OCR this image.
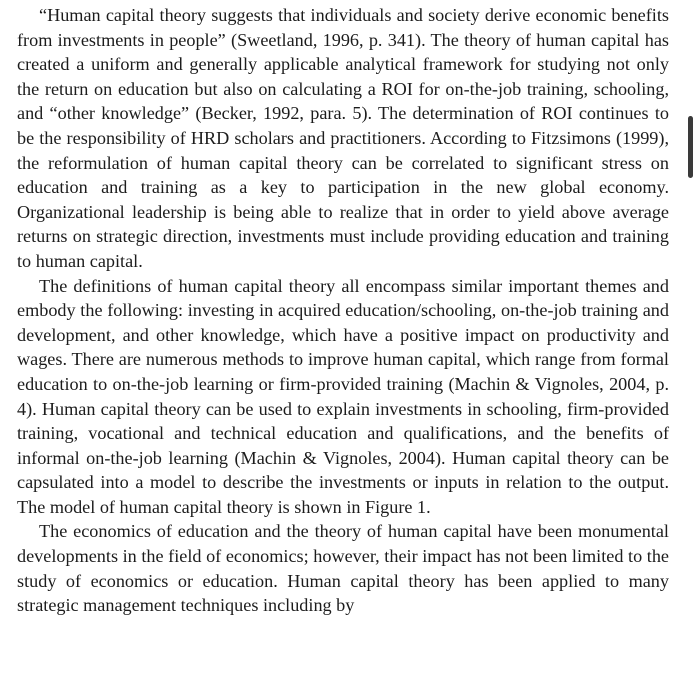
“Human capital theory suggests that individuals and society derive economic benefits from investments in people” (Sweetland, 1996, p. 341). The theory of human capital has created a uniform and generally applicable analytical framework for studying not only the return on education but also on calculating a ROI for on-the-job training, schooling, and “other knowledge” (Becker, 1992, para. 5). The determination of ROI continues to be the responsibility of HRD scholars and practitioners. According to Fitzsimons (1999), the reformulation of human capital theory can be correlated to significant stress on education and training as a key to participation in the new global economy. Organizational leadership is being able to realize that in order to yield above average returns on strategic direction, investments must include providing education and training to human capital.

The definitions of human capital theory all encompass similar important themes and embody the following: investing in acquired education/schooling, on-the-job training and development, and other knowledge, which have a positive impact on productivity and wages. There are numerous methods to improve human capital, which range from formal education to on-the-job learning or firm-provided training (Machin & Vignoles, 2004, p. 4). Human capital theory can be used to explain investments in schooling, firm-provided training, vocational and technical education and qualifications, and the benefits of informal on-the-job learning (Machin & Vignoles, 2004). Human capital theory can be capsulated into a model to describe the investments or inputs in relation to the output. The model of human capital theory is shown in Figure 1.

The economics of education and the theory of human capital have been monumental developments in the field of economics; however, their impact has not been limited to the study of economics or education. Human capital theory has been applied to many strategic management techniques including by
